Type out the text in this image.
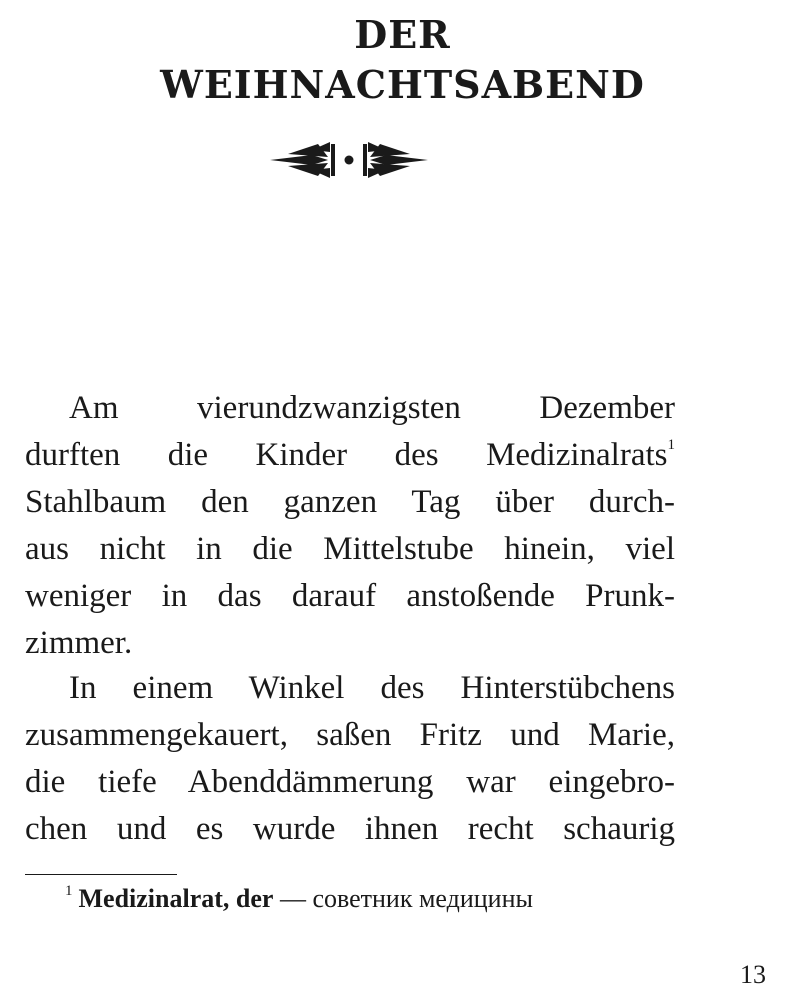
DER
WEIHNACHTSABEND
Am vierundzwanzigsten Dezember
durften die Kinder des Medizinalrats$^1$
Stahlbaum den ganzen Tag über durch-
aus nicht in die Mittelstube hinein, viel
weniger in das darauf anstoßende Prunk-
zimmer.
In einem Winkel des Hinterstübchens
zusammengekauert, saßen Fritz und Marie,
die tiefe Abenddämmerung war eingebro-
chen und es wurde ihnen recht schaurig
$^1$ Medizinalrat, der — советник медицины
13
